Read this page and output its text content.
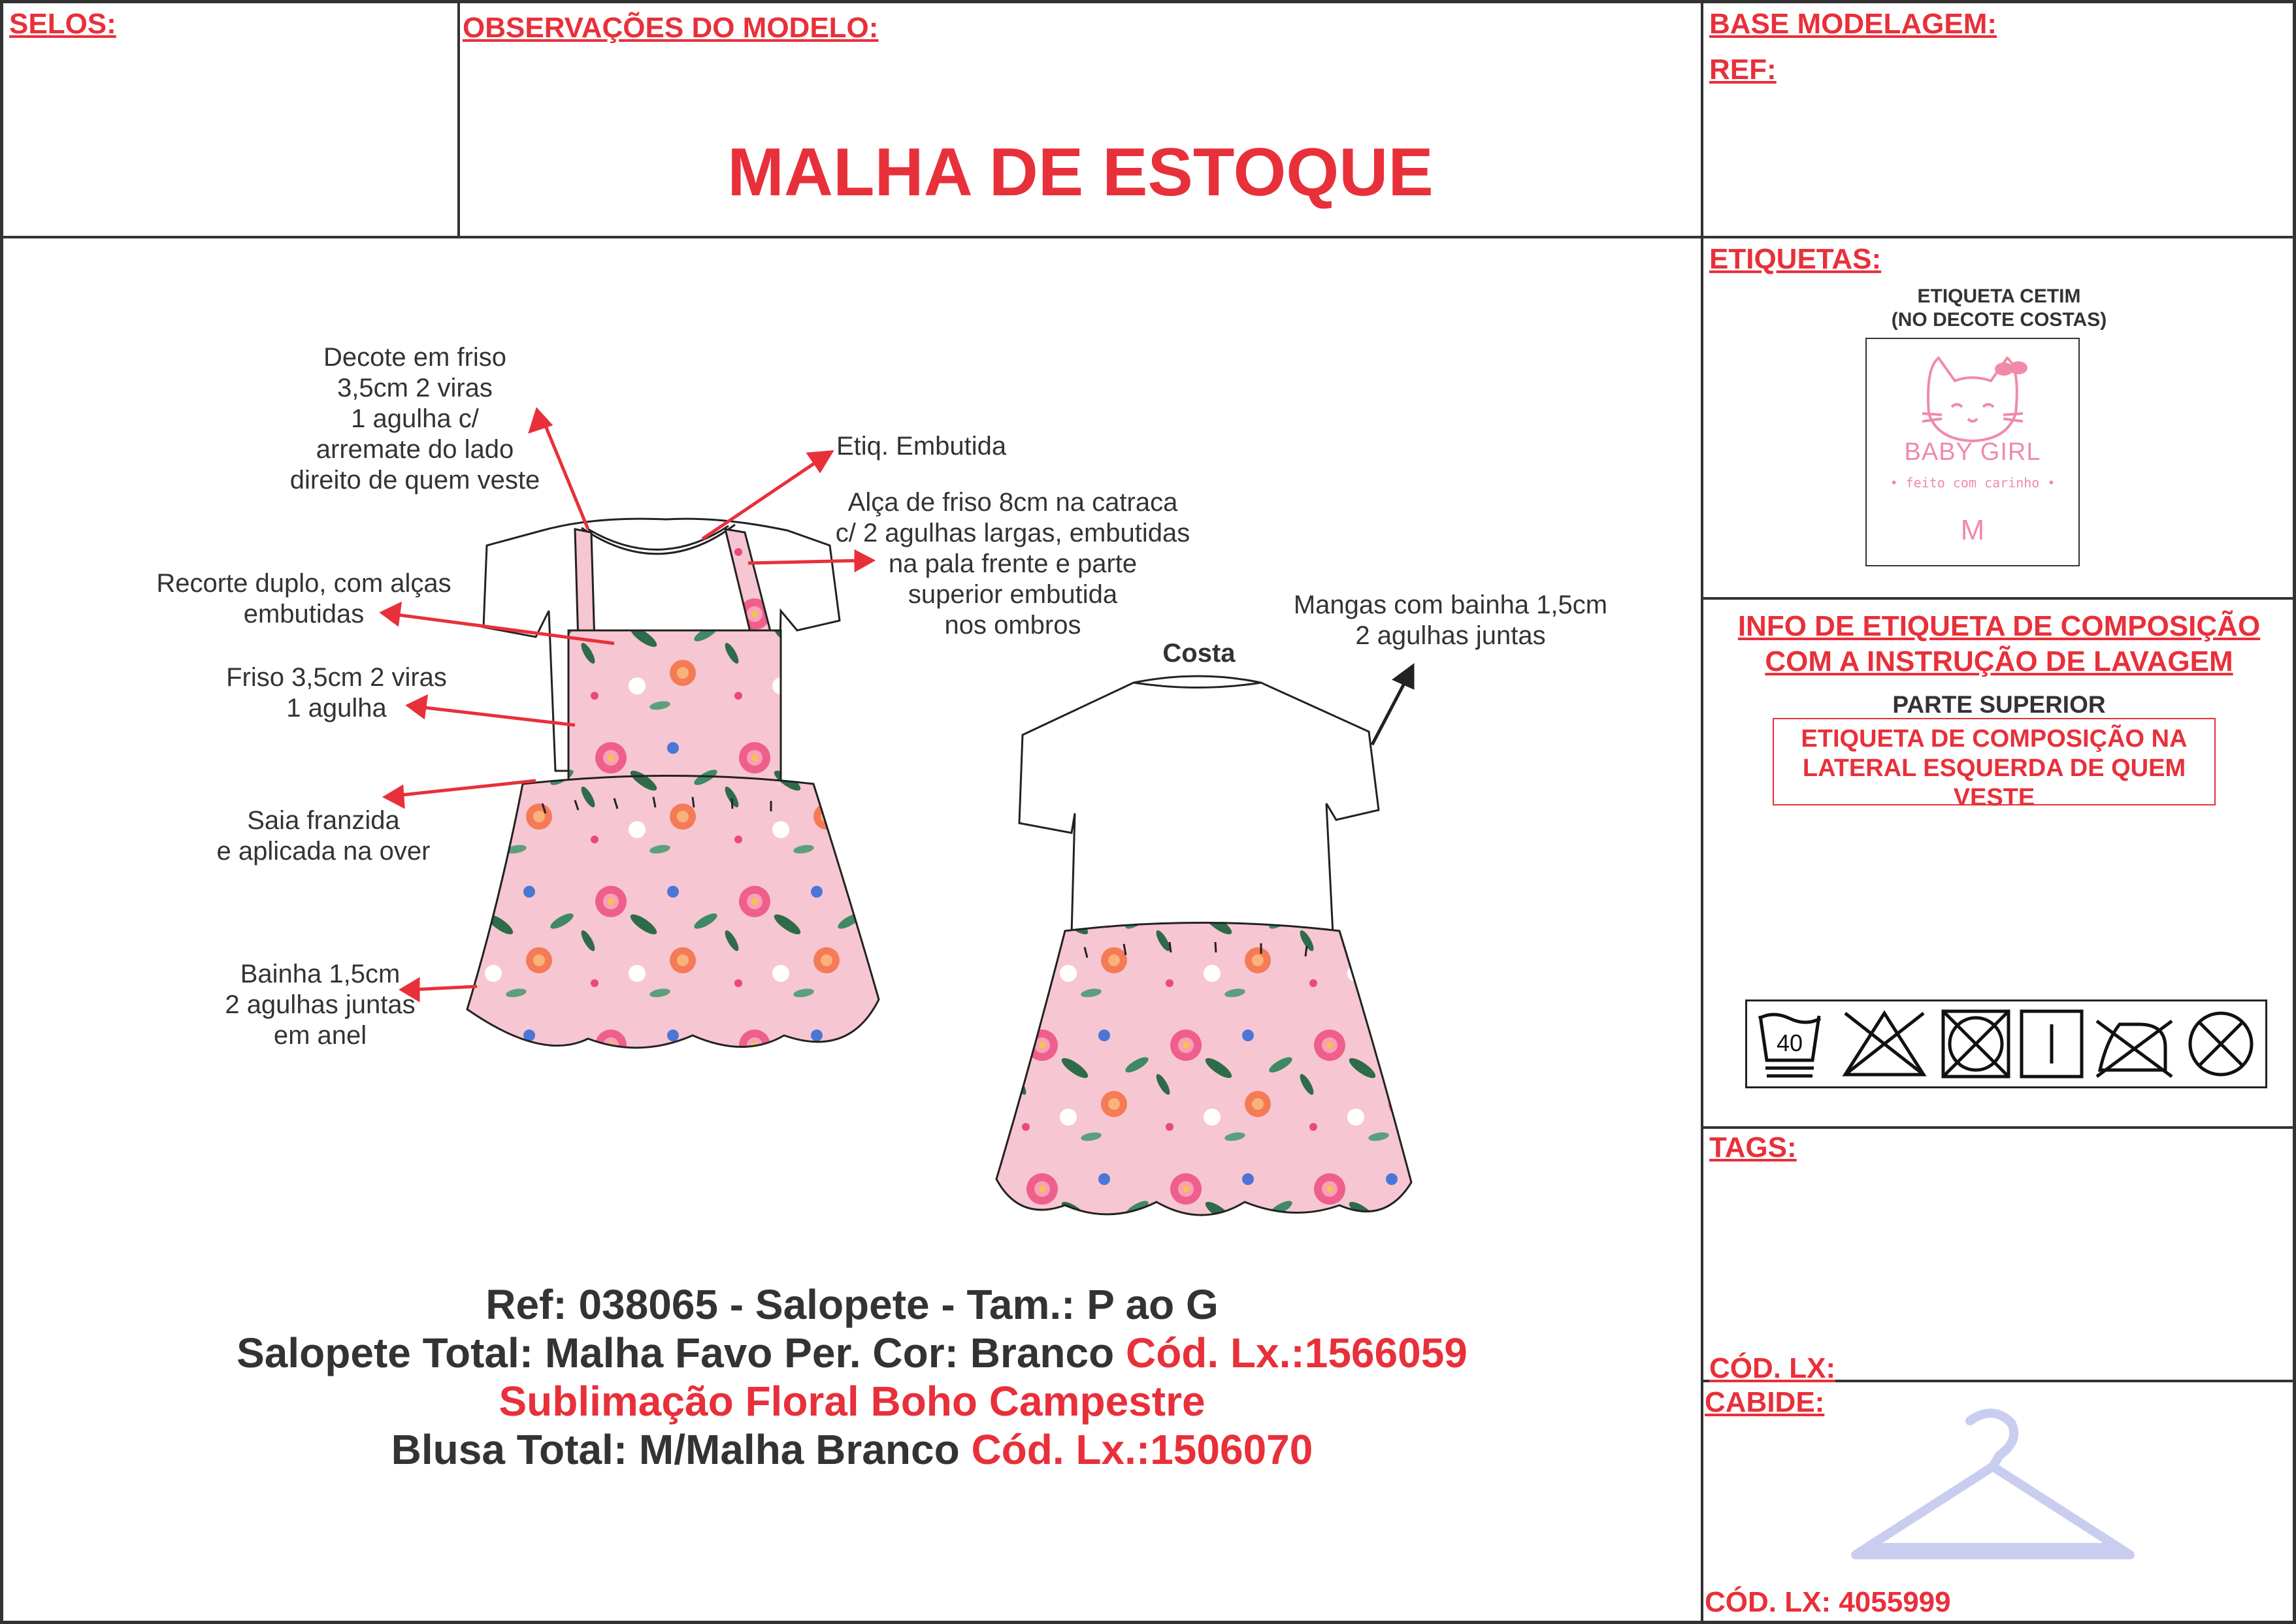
SELOS:	OBSERVAÇÕES DO MODELO:
MALHA DE ESTOQUE
BASE MODELAGEM:
REF:
Decote em friso
3,5cm 2 viras
1 agulha c/
arremate do lado
direito de quem veste
Etiq. Embutida
Alça de friso 8cm na catraca
c/ 2 agulhas largas, embutidas
na pala frente e parte
superior embutida
nos ombros
Recorte duplo, com alças
embutidas
Friso 3,5cm 2 viras
1 agulha
Saia franzida
e aplicada na over
Bainha 1,5cm
2 agulhas juntas
em anel
Mangas com bainha 1,5cm
2 agulhas juntas
Costa
Ref: 038065 - Salopete - Tam.: P ao G
Salopete Total: Malha Favo Per. Cor: Branco Cód. Lx.:1566059
Sublimação Floral Boho Campestre
Blusa Total: M/Malha Branco Cód. Lx.:1506070
ETIQUETAS:
ETIQUETA CETIM
(NO DECOTE COSTAS)
BABY GIRL
• feito com carinho •
M
INFO DE ETIQUETA DE COMPOSIÇÃO
COM A INSTRUÇÃO DE LAVAGEM
PARTE SUPERIOR
ETIQUETA DE COMPOSIÇÃO NA LATERAL ESQUERDA DE QUEM VESTE
40
TAGS:
CÓD. LX:
CABIDE:
CÓD. LX: 4055999
